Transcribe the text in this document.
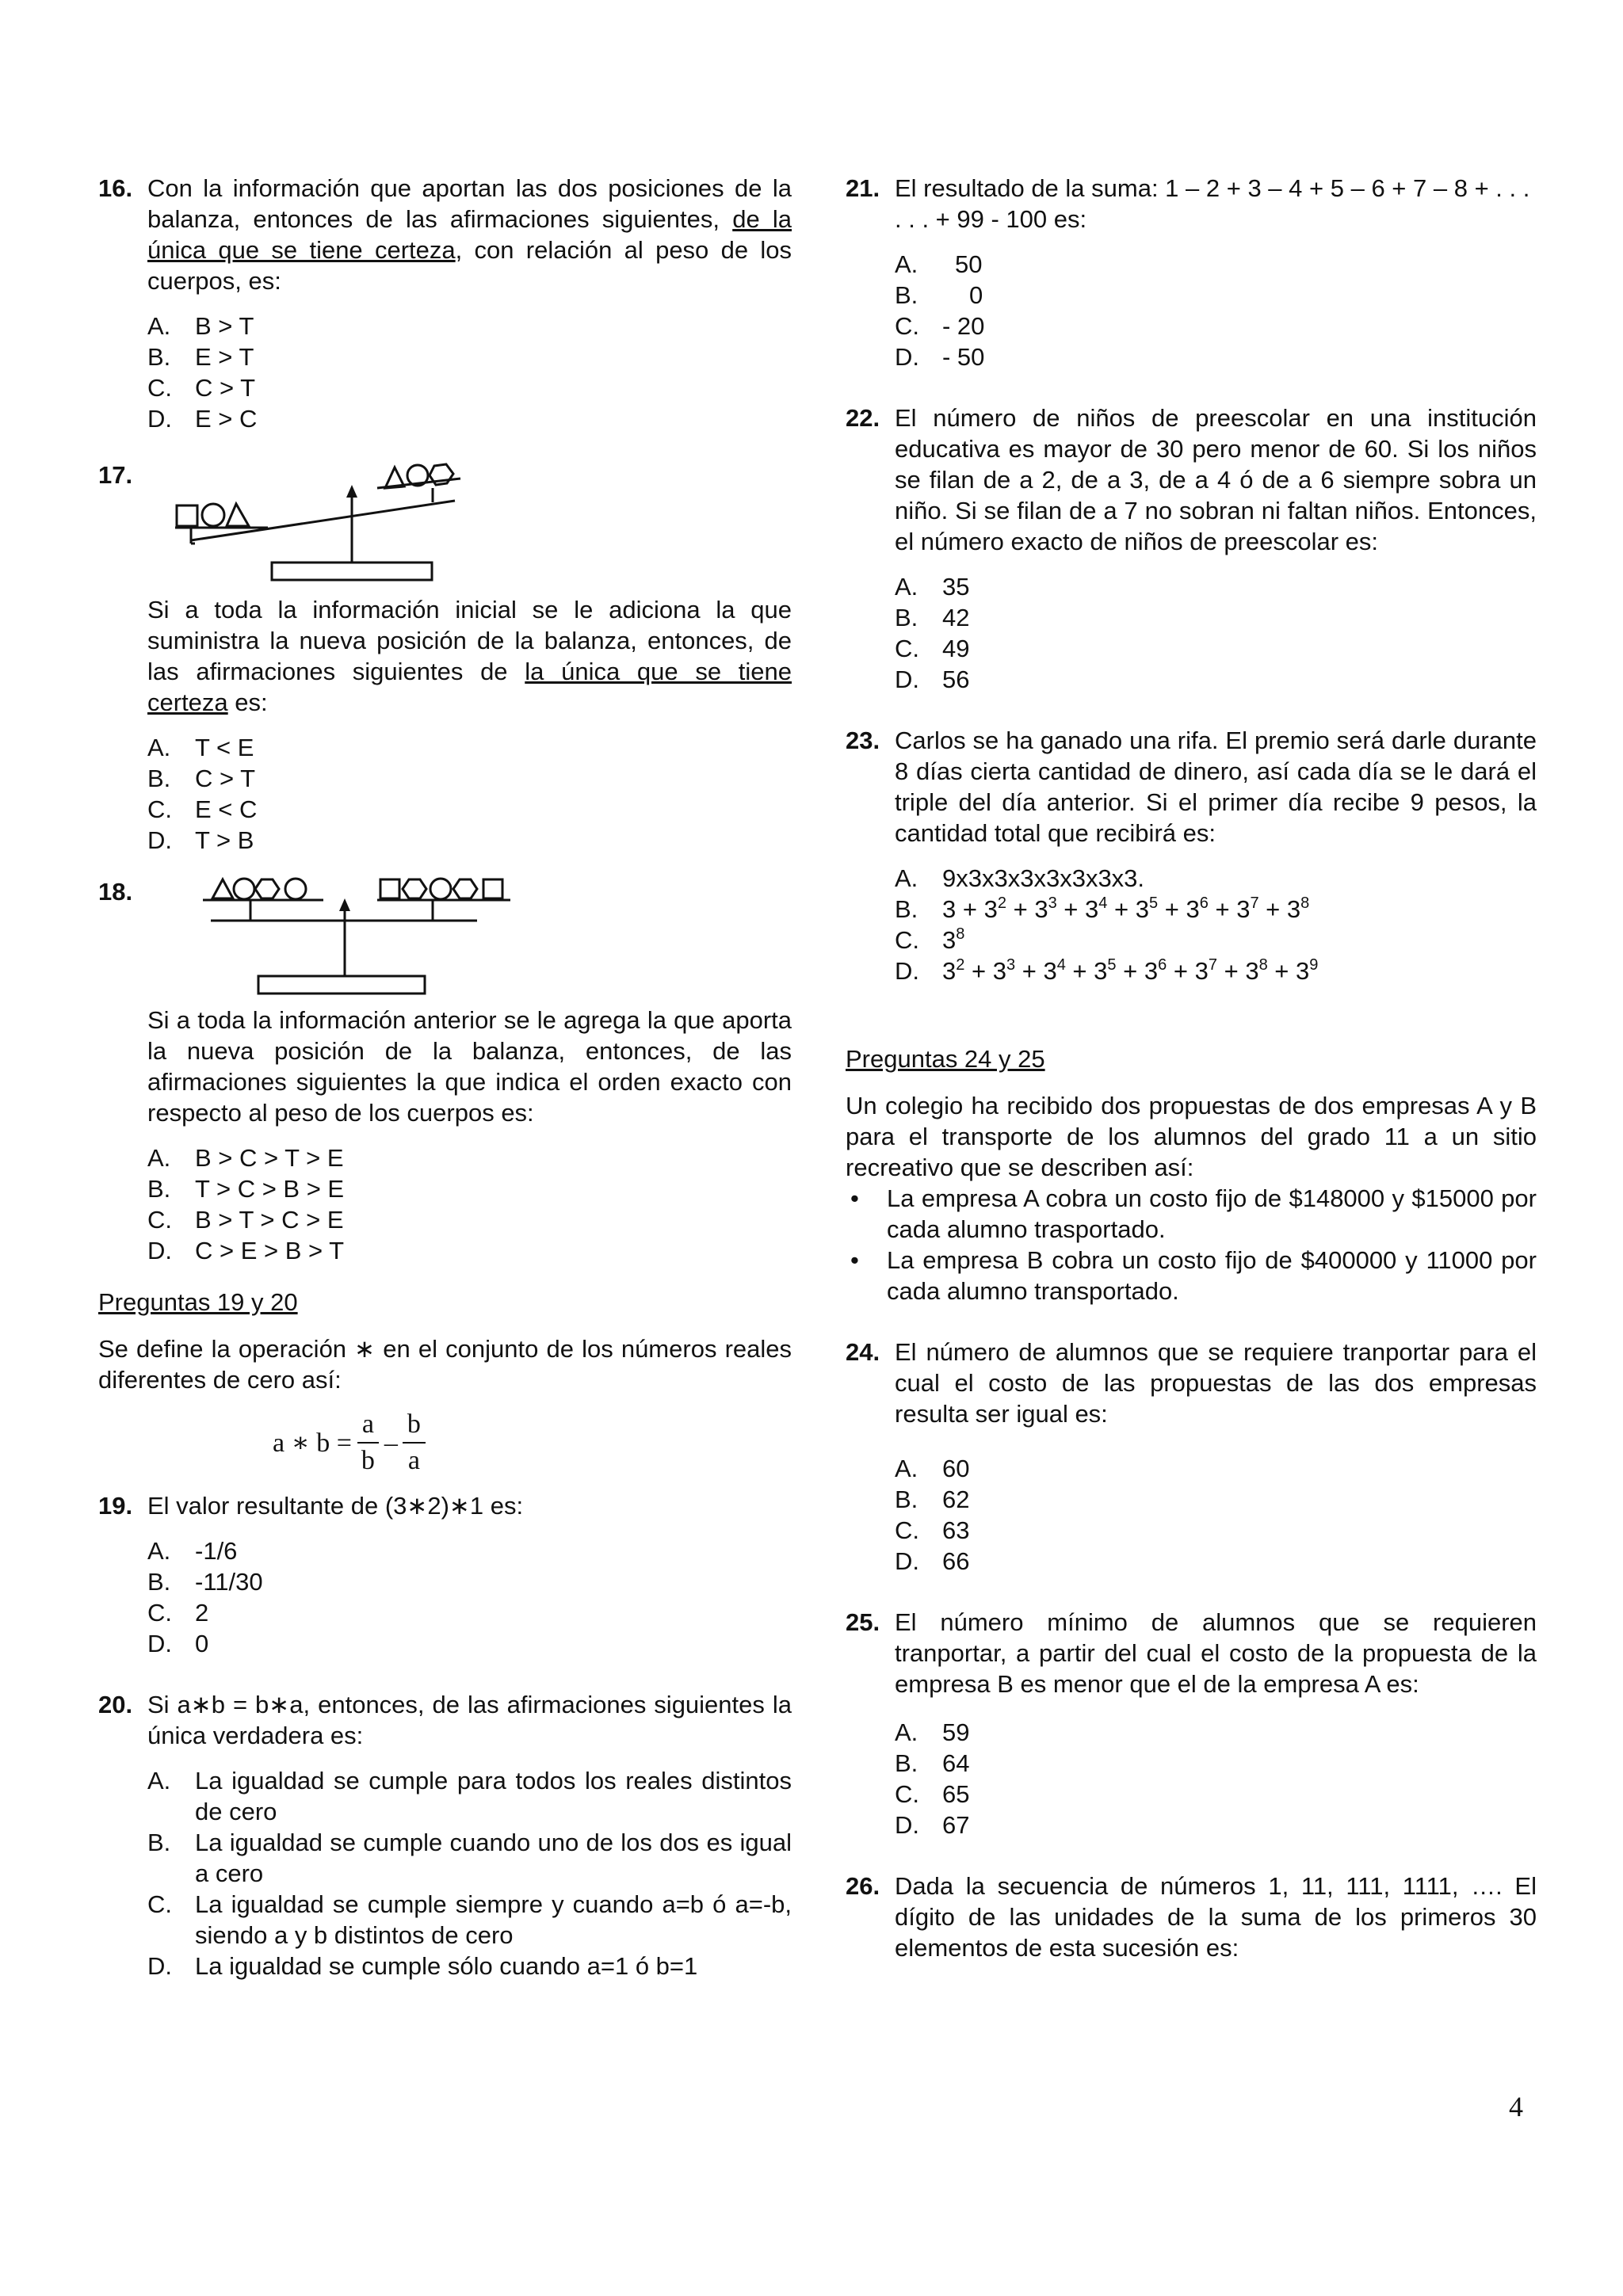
16. Con la información que aportan las dos posiciones de la balanza, entonces de las afirmaciones siguientes, de la única que se tiene certeza, con relación al peso de los cuerpos, es:
A. B > T
B. E > T
C. C > T
D. E > C
17.
Si a toda la información inicial se le adiciona la que suministra la nueva posición de la balanza, entonces, de las afirmaciones siguientes de la única que se tiene certeza es:
A. T < E
B. C > T
C. E < C
D. T > B
18.
Si a toda la información anterior se le agrega la que aporta la nueva posición de la balanza, entonces, de las afirmaciones siguientes la que indica el orden exacto con respecto al peso de los cuerpos es:
A. B > C > T > E
B. T > C > B > E
C. B > T > C > E
D. C > E > B > T
Preguntas 19 y 20
Se define la operación ∗ en el conjunto de los números reales diferentes de cero así:
a ∗ $b = \frac{a}{b} - \frac{b}{a}$
19. El valor resultante de (3∗2)∗1 es:
A. -1/6
B. -11/30
C. 2
D. 0
20. Si a∗b = b∗a, entonces, de las afirmaciones siguientes la única verdadera es:
A. La igualdad se cumple para todos los reales distintos de cero
B. La igualdad se cumple cuando uno de los dos es igual a cero
C. La igualdad se cumple siempre y cuando a=b ó a=-b, siendo a y b distintos de cero
D. La igualdad se cumple sólo cuando a=1 ó b=1
21. El resultado de la suma: 1 – 2 + 3 – 4 + 5 – 6 + 7 – 8 + . . . . . . + 99 - 100 es:
A.	50
B.	0
C. - 20
D. - 50
22. El número de niños de preescolar en una institución educativa es mayor de 30 pero menor de 60. Si los niños se filan de a 2, de a 3, de a 4 ó de a 6 siempre sobra un niño. Si se filan de a 7 no sobran ni faltan niños. Entonces, el número exacto de niños de preescolar es:
A. 35
B. 42
C. 49
D. 56
23. Carlos se ha ganado una rifa. El premio será darle durante 8 días cierta cantidad de dinero, así cada día se le dará el triple del día anterior. Si el primer día recibe 9 pesos, la cantidad total que recibirá es:
A. 9x3x3x3x3x3x3x3.
B. $3 + 3^2 + 3^3 + 3^4 + 3^5 + 3^6 + 3^7 + 3^8$
C. $3^8$
D. $3^2 + 3^3 + 3^4 + 3^5 + 3^6 + 3^7 + 3^8 + 3^9$
Preguntas 24 y 25
Un colegio ha recibido dos propuestas de dos empresas A y B para el transporte de los alumnos del grado 11 a un sitio recreativo que se describen así:
•	La empresa A cobra un costo fijo de $148000 y $15000 por cada alumno trasportado.
•	La empresa B cobra un costo fijo de $400000 y 11000 por cada alumno transportado.
24. El número de alumnos que se requiere tranportar para el cual el costo de las propuestas de las dos empresas resulta ser igual es:
A. 60
B. 62
C. 63
D. 66
25. El número mínimo de alumnos que se requieren tranportar, a partir del cual el costo de la propuesta de la empresa B es menor que el de la empresa A es:
A. 59
B. 64
C. 65
D. 67
26. Dada la secuencia de números 1, 11, 111, 1111, …. El dígito de las unidades de la suma de los primeros 30 elementos de esta sucesión es:
4
